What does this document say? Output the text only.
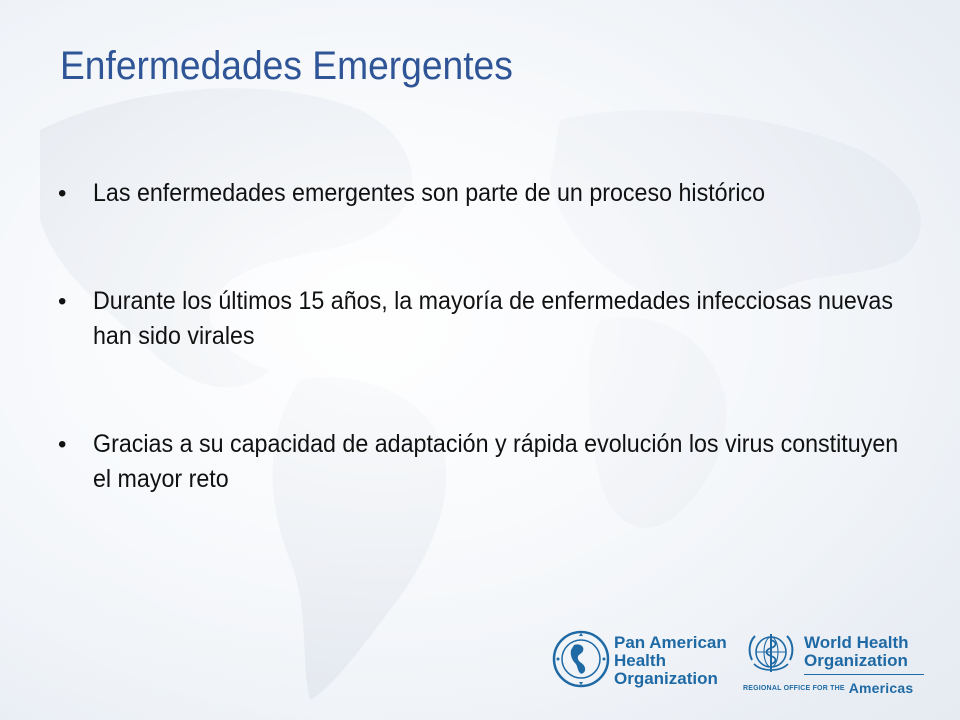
Enfermedades Emergentes
• Las enfermedades emergentes son parte de un proceso histórico
• Durante los últimos 15 años, la mayoría de enfermedades infecciosas nuevas han sido virales
• Gracias a su capacidad de adaptación y rápida evolución los virus constituyen el mayor reto
Pan American
Health
Organization
World Health
Organization
REGIONAL OFFICE FOR THE Americas
